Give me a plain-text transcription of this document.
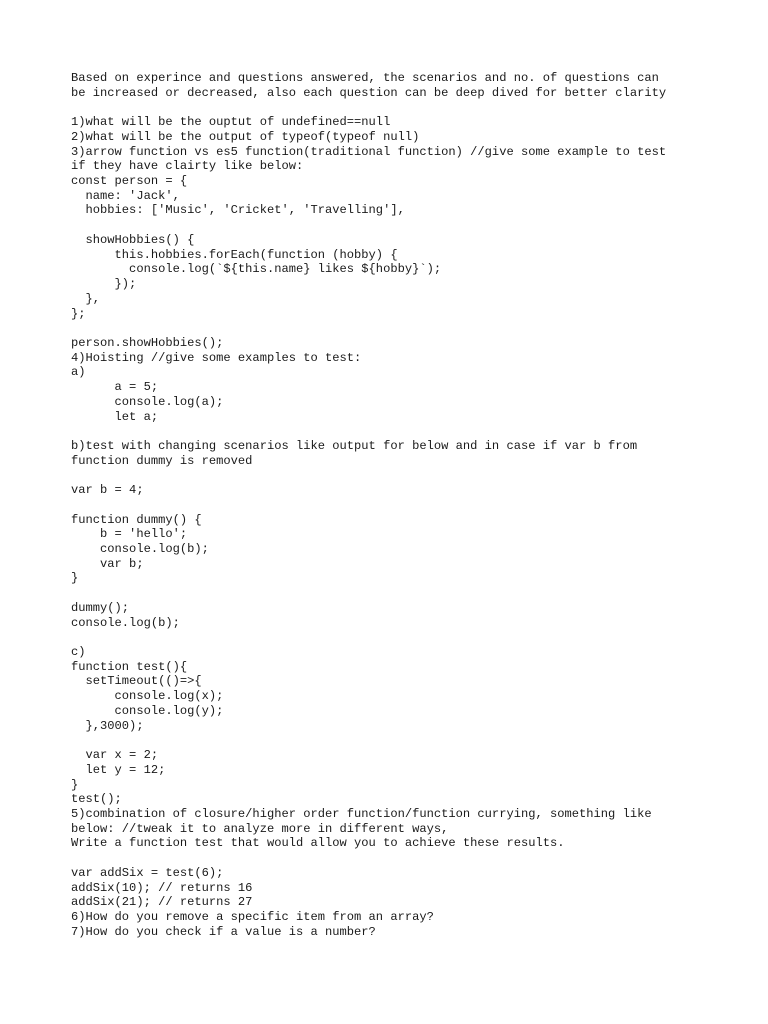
Based on experince and questions answered, the scenarios and no. of questions can
be increased or decreased, also each question can be deep dived for better clarity
1)what will be the ouptut of undefined==null
2)what will be the output of typeof(typeof null)
3)arrow function vs es5 function(traditional function) //give some example to test
if they have clairty like below:
const person = {
name: 'Jack',
hobbies: ['Music', 'Cricket', 'Travelling'],
showHobbies() {
this.hobbies.forEach(function (hobby) {
console.log(`${this.name} likes ${hobby}`);
});
},
};
person.showHobbies();
4)Hoisting //give some examples to test:
a)
a = 5;
console.log(a);
let a;
b)test with changing scenarios like output for below and in case if var b from
function dummy is removed
var b = 4;
function dummy() {
b = 'hello';
console.log(b);
var b;
}
dummy();
console.log(b);
c)
function test(){
setTimeout(()=>{
console.log(x);
console.log(y);
},3000);
var x = 2;
let y = 12;
}
test();
5)combination of closure/higher order function/function currying, something like
below: //tweak it to analyze more in different ways,
Write a function test that would allow you to achieve these results.
var addSix = test(6);
addSix(10); // returns 16
addSix(21); // returns 27
6)How do you remove a specific item from an array?
7)How do you check if a value is a number?
